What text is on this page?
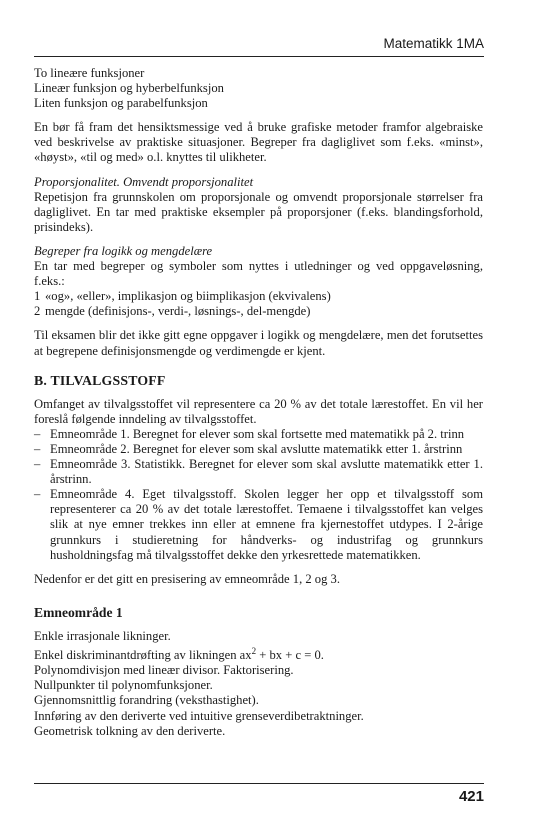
Matematikk 1MA

To lineære funksjoner

Lineær funksjon og hyberbelfunksjon

Liten funksjon og parabelfunksjon

En bør få fram det hensiktsmessige ved å bruke grafiske metoder framfor algebraiske ved beskrivelse av praktiske situasjoner. Begreper fra dagliglivet som f.eks. «minst», «høyst», «til og med» o.l. knyttes til ulikheter.

Proporsjonalitet. Omvendt proporsjonalitet

Repetisjon fra grunnskolen om proporsjonale og omvendt proporsjonale størrelser fra dagliglivet. En tar med praktiske eksempler på proporsjoner (f.eks. blandingsforhold, prisindeks).

Begreper fra logikk og mengdelære

En tar med begreper og symboler som nyttes i utledninger og ved oppgaveløsning, f.eks.:

1 «og», «eller», implikasjon og biimplikasjon (ekvivalens)
2 mengde (definisjons-, verdi-, løsnings-, del-mengde)

Til eksamen blir det ikke gitt egne oppgaver i logikk og mengdelære, men det forutsettes at begrepene definisjonsmengde og verdimengde er kjent.

B. TILVALGSSTOFF

Omfanget av tilvalgsstoffet vil representere ca 20 % av det totale lærestoffet. En vil her foreslå følgende inndeling av tilvalgsstoffet.

– Emneområde 1. Beregnet for elever som skal fortsette med matematikk på 2. trinn
– Emneområde 2. Beregnet for elever som skal avslutte matematikk etter 1. årstrinn
– Emneområde 3. Statistikk. Beregnet for elever som skal avslutte matematikk etter 1. årstrinn.
– Emneområde 4. Eget tilvalgsstoff. Skolen legger her opp et tilvalgsstoff som representerer ca 20 % av det totale lærestoffet. Temaene i tilvalgsstoffet kan velges slik at nye emner trekkes inn eller at emnene fra kjernestoffet utdypes. I 2-årige grunnkurs i studieretning for håndverks- og industrifag og grunnkurs husholdningsfag må tilvalgsstoffet dekke den yrkesrettede matematikken.

Nedenfor er det gitt en presisering av emneområde 1, 2 og 3.

Emneområde 1

Enkle irrasjonale likninger.

Enkel diskriminantdrøfting av likningen $ax^2$ + bx + c = 0.

Polynomdivisjon med lineær divisor. Faktorisering.

Nullpunkter til polynomfunksjoner.

Gjennomsnittlig forandring (veksthastighet).

Innføring av den deriverte ved intuitive grenseverdibetraktninger.

Geometrisk tolkning av den deriverte.

421
